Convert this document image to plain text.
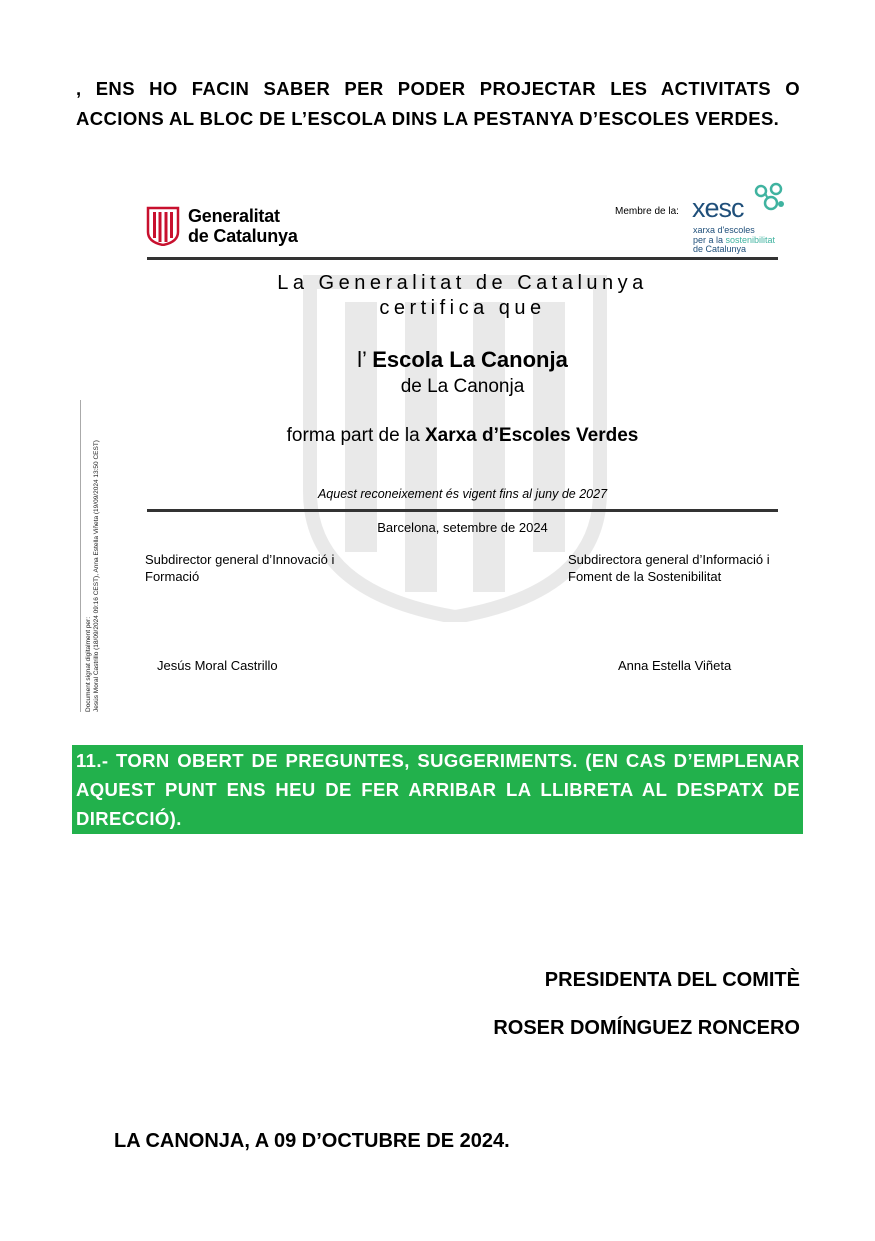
, ENS HO FACIN SABER PER PODER PROJECTAR LES ACTIVITATS O ACCIONS AL BLOC DE L’ESCOLA DINS LA PESTANYA D’ESCOLES VERDES.
Generalitat
de Catalunya
Membre de la: xesc
xarxa d'escoles
per a la sostenibilitat
de Catalunya
La Generalitat de Catalunya
certifica que
l’ Escola La Canonja
de La Canonja
forma part de la Xarxa d’Escoles Verdes
Aquest reconeixement és vigent fins al juny de 2027
Barcelona, setembre de 2024
Subdirector general d’Innovació i
Formació
Subdirectora general d’Informació i
Foment de la Sostenibilitat
Jesús Moral Castrillo	Anna Estella Viñeta
Document signat digitalment per: Jesús Moral Castrillo (18/09/2024 09:16 CEST), Anna Estella Viñeta (19/09/2024 13:50 CEST)
11.- TORN OBERT DE PREGUNTES, SUGGERIMENTS. (EN CAS D’EMPLENAR AQUEST PUNT ENS HEU DE FER ARRIBAR LA LLIBRETA AL DESPATX DE DIRECCIÓ).
PRESIDENTA DEL COMITÈ
ROSER DOMÍNGUEZ RONCERO
LA CANONJA, A 09 D’OCTUBRE DE 2024.
